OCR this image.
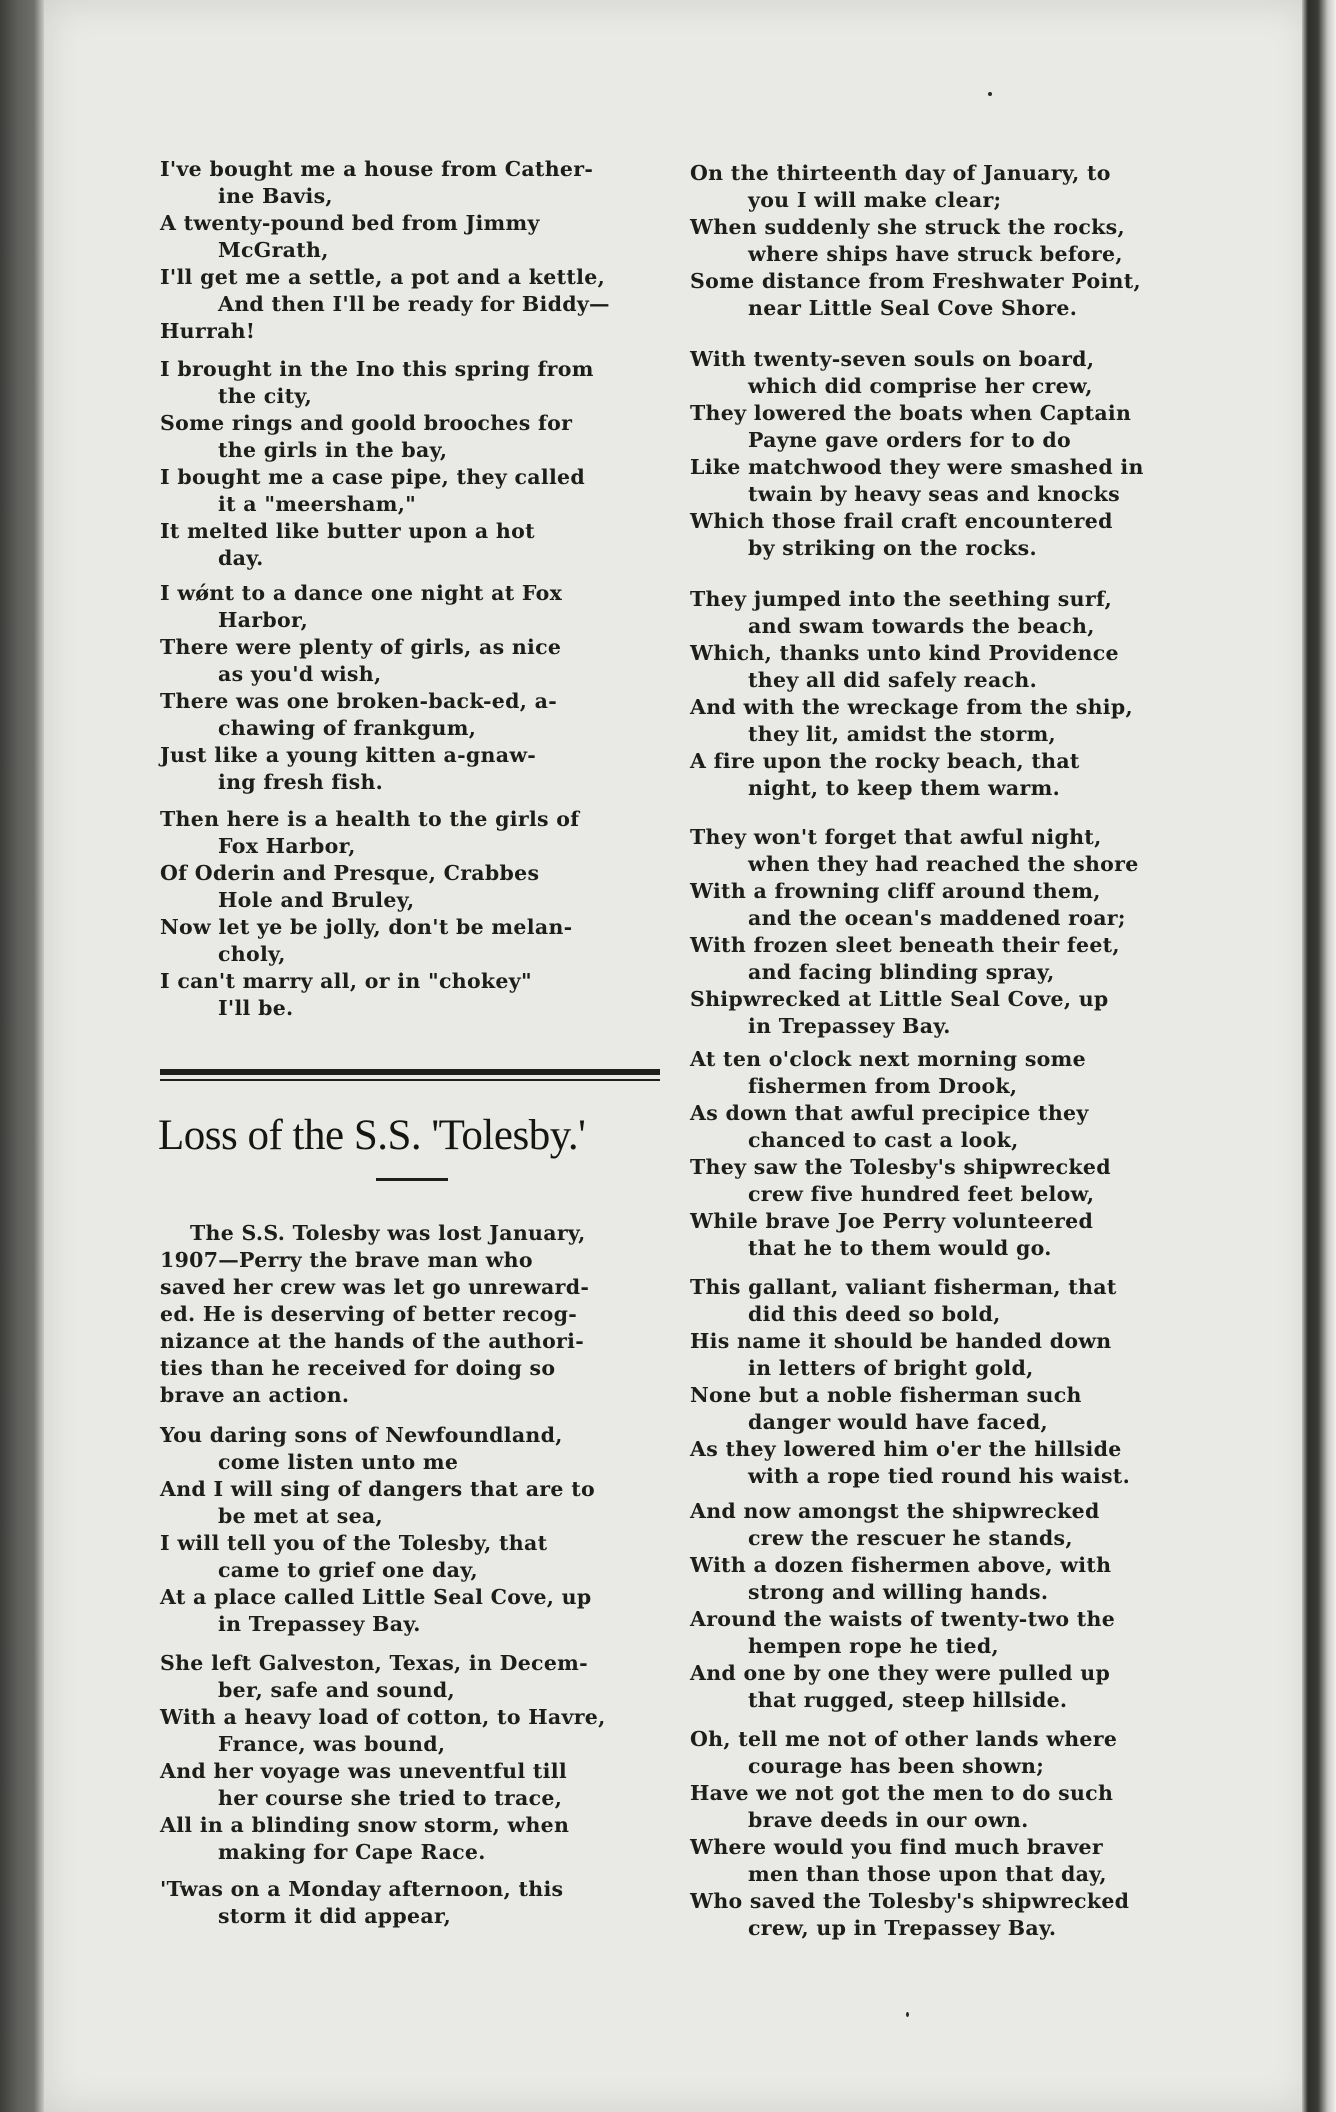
I've bought me a house from Cather-
ine Bavis,
A twenty-pound bed from Jimmy
McGrath,
I'll get me a settle, a pot and a kettle,
And then I'll be ready for Biddy—
Hurrah!
I brought in the Ino this spring from
the city,
Some rings and goold brooches for
the girls in the bay,
I bought me a case pipe, they called
it a "meersham,"
It melted like butter upon a hot
day.
I wǿnt to a dance one night at Fox
Harbor,
There were plenty of girls, as nice
as you'd wish,
There was one broken-back-ed, a-
chawing of frankgum,
Just like a young kitten a-gnaw-
ing fresh fish.
Then here is a health to the girls of
Fox Harbor,
Of Oderin and Presque, Crabbes
Hole and Bruley,
Now let ye be jolly, don't be melan-
choly,
I can't marry all, or in "chokey"
I'll be.
The S.S. Tolesby was lost January,
1907—Perry the brave man who
saved her crew was let go unreward-
ed. He is deserving of better recog-
nizance at the hands of the authori-
ties than he received for doing so
brave an action.
You daring sons of Newfoundland,
come listen unto me
And I will sing of dangers that are to
be met at sea,
I will tell you of the Tolesby, that
came to grief one day,
At a place called Little Seal Cove, up
in Trepassey Bay.
She left Galveston, Texas, in Decem-
ber, safe and sound,
With a heavy load of cotton, to Havre,
France, was bound,
And her voyage was uneventful till
her course she tried to trace,
All in a blinding snow storm, when
making for Cape Race.
'Twas on a Monday afternoon, this
storm it did appear,
On the thirteenth day of January, to
you I will make clear;
When suddenly she struck the rocks,
where ships have struck before,
Some distance from Freshwater Point,
near Little Seal Cove Shore.
With twenty-seven souls on board,
which did comprise her crew,
They lowered the boats when Captain
Payne gave orders for to do
Like matchwood they were smashed in
twain by heavy seas and knocks
Which those frail craft encountered
by striking on the rocks.
They jumped into the seething surf,
and swam towards the beach,
Which, thanks unto kind Providence
they all did safely reach.
And with the wreckage from the ship,
they lit, amidst the storm,
A fire upon the rocky beach, that
night, to keep them warm.
They won't forget that awful night,
when they had reached the shore
With a frowning cliff around them,
and the ocean's maddened roar;
With frozen sleet beneath their feet,
and facing blinding spray,
Shipwrecked at Little Seal Cove, up
in Trepassey Bay.
At ten o'clock next morning some
fishermen from Drook,
As down that awful precipice they
chanced to cast a look,
They saw the Tolesby's shipwrecked
crew five hundred feet below,
While brave Joe Perry volunteered
that he to them would go.
This gallant, valiant fisherman, that
did this deed so bold,
His name it should be handed down
in letters of bright gold,
None but a noble fisherman such
danger would have faced,
As they lowered him o'er the hillside
with a rope tied round his waist.
And now amongst the shipwrecked
crew the rescuer he stands,
With a dozen fishermen above, with
strong and willing hands.
Around the waists of twenty-two the
hempen rope he tied,
And one by one they were pulled up
that rugged, steep hillside.
Oh, tell me not of other lands where
courage has been shown;
Have we not got the men to do such
brave deeds in our own.
Where would you find much braver
men than those upon that day,
Who saved the Tolesby's shipwrecked
crew, up in Trepassey Bay.
Loss of the S.S. 'Tolesby.'
